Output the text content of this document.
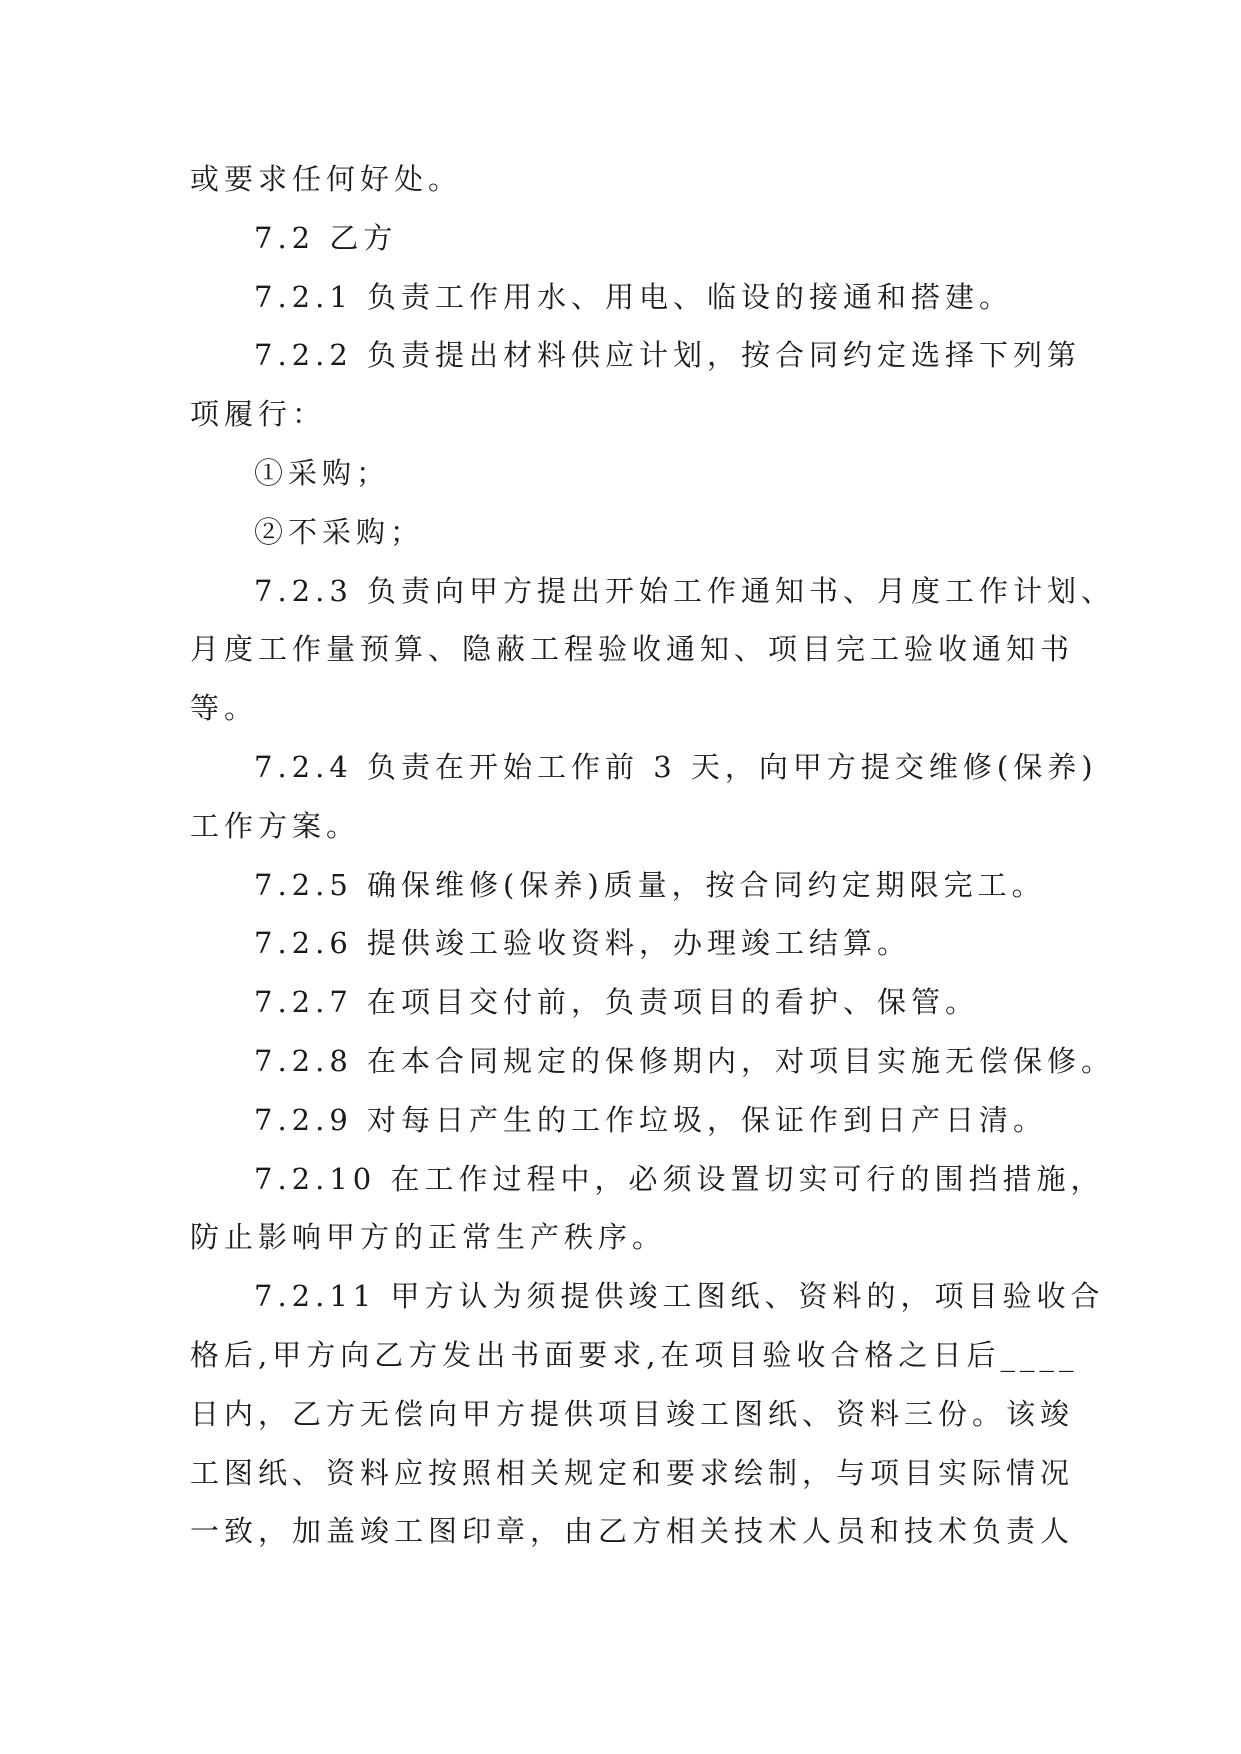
或要求任何好处。
7.2 乙方
7.2.1 负责工作用水、用电、临设的接通和搭建。
7.2.2 负责提出材料供应计划，按合同约定选择下列第
项履行：
①采购；
②不采购；
7.2.3 负责向甲方提出开始工作通知书、月度工作计划、
月度工作量预算、隐蔽工程验收通知、项目完工验收通知书
等。
7.2.4 负责在开始工作前 3 天，向甲方提交维修(保养)
工作方案。
7.2.5 确保维修(保养)质量，按合同约定期限完工。
7.2.6 提供竣工验收资料，办理竣工结算。
7.2.7 在项目交付前，负责项目的看护、保管。
7.2.8 在本合同规定的保修期内，对项目实施无偿保修。
7.2.9 对每日产生的工作垃圾，保证作到日产日清。
7.2.10 在工作过程中，必须设置切实可行的围挡措施，
防止影响甲方的正常生产秩序。
7.2.11 甲方认为须提供竣工图纸、资料的，项目验收合
格后,甲方向乙方发出书面要求,在项目验收合格之日后____
日内，乙方无偿向甲方提供项目竣工图纸、资料三份。该竣
工图纸、资料应按照相关规定和要求绘制，与项目实际情况
一致，加盖竣工图印章，由乙方相关技术人员和技术负责人
